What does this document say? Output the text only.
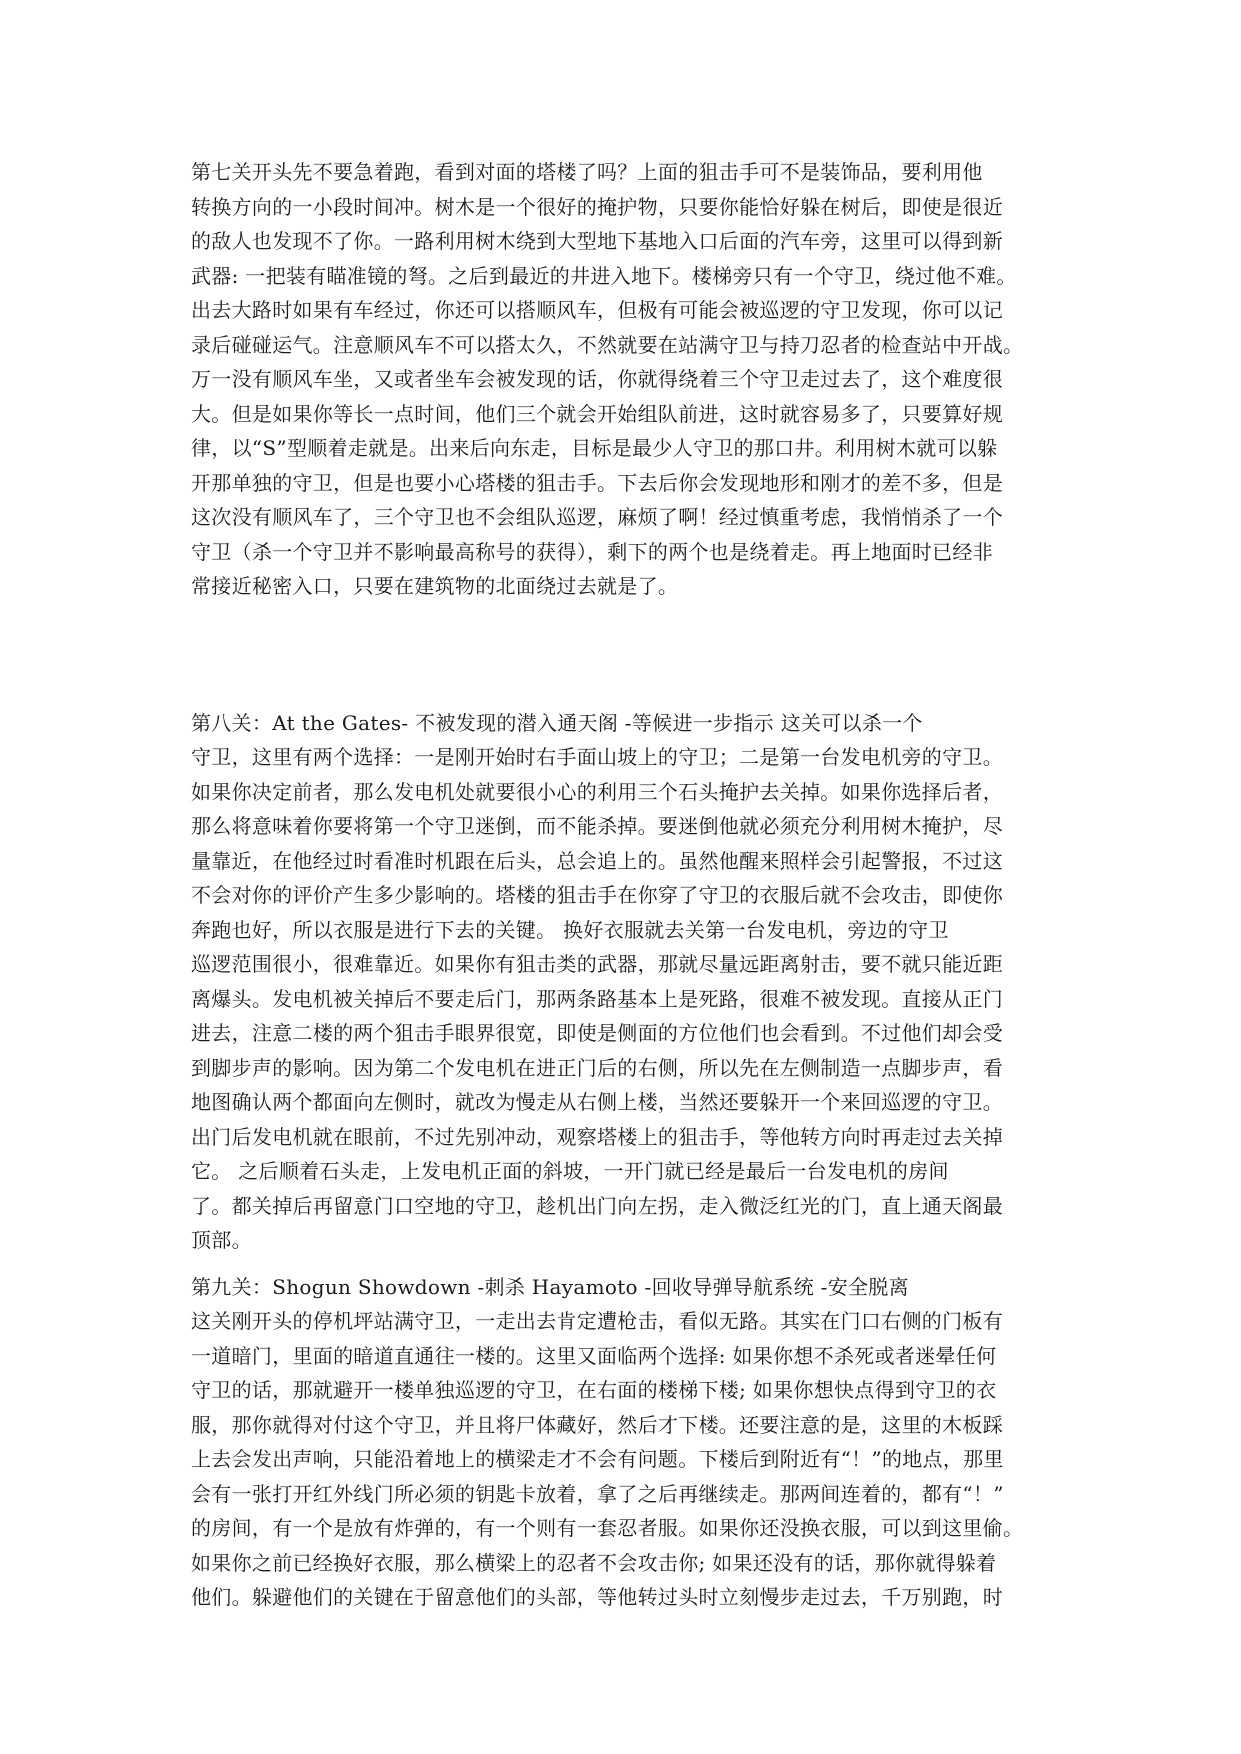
第七关开头先不要急着跑，看到对面的塔楼了吗？上面的狙击手可不是装饰品，要利用他
转换方向的一小段时间冲。树木是一个很好的掩护物，只要你能恰好躲在树后，即使是很近
的敌人也发现不了你。一路利用树木绕到大型地下基地入口后面的汽车旁，这里可以得到新
武器: 一把装有瞄准镜的弩。之后到最近的井进入地下。楼梯旁只有一个守卫，绕过他不难。
出去大路时如果有车经过，你还可以搭顺风车，但极有可能会被巡逻的守卫发现，你可以记
录后碰碰运气。注意顺风车不可以搭太久，不然就要在站满守卫与持刀忍者的检查站中开战。
万一没有顺风车坐，又或者坐车会被发现的话，你就得绕着三个守卫走过去了，这个难度很
大。但是如果你等长一点时间，他们三个就会开始组队前进，这时就容易多了，只要算好规
律，以“S”型顺着走就是。出来后向东走，目标是最少人守卫的那口井。利用树木就可以躲
开那单独的守卫，但是也要小心塔楼的狙击手。下去后你会发现地形和刚才的差不多，但是
这次没有顺风车了，三个守卫也不会组队巡逻，麻烦了啊！经过慎重考虑，我悄悄杀了一个
守卫（杀一个守卫并不影响最高称号的获得），剩下的两个也是绕着走。再上地面时已经非
常接近秘密入口，只要在建筑物的北面绕过去就是了。
第八关：At the Gates- 不被发现的潜入通天阁 -等候进一步指示 这关可以杀一个
守卫，这里有两个选择：一是刚开始时右手面山坡上的守卫；二是第一台发电机旁的守卫。
如果你决定前者，那么发电机处就要很小心的利用三个石头掩护去关掉。如果你选择后者，
那么将意味着你要将第一个守卫迷倒，而不能杀掉。要迷倒他就必须充分利用树木掩护，尽
量靠近，在他经过时看准时机跟在后头，总会追上的。虽然他醒来照样会引起警报，不过这
不会对你的评价产生多少影响的。塔楼的狙击手在你穿了守卫的衣服后就不会攻击，即使你
奔跑也好，所以衣服是进行下去的关键。 换好衣服就去关第一台发电机，旁边的守卫
巡逻范围很小，很难靠近。如果你有狙击类的武器，那就尽量远距离射击，要不就只能近距
离爆头。发电机被关掉后不要走后门，那两条路基本上是死路，很难不被发现。直接从正门
进去，注意二楼的两个狙击手眼界很宽，即使是侧面的方位他们也会看到。不过他们却会受
到脚步声的影响。因为第二个发电机在进正门后的右侧，所以先在左侧制造一点脚步声，看
地图确认两个都面向左侧时，就改为慢走从右侧上楼，当然还要躲开一个来回巡逻的守卫。
出门后发电机就在眼前，不过先别冲动，观察塔楼上的狙击手，等他转方向时再走过去关掉
它。 之后顺着石头走，上发电机正面的斜坡，一开门就已经是最后一台发电机的房间
了。都关掉后再留意门口空地的守卫，趁机出门向左拐，走入微泛红光的门，直上通天阁最
顶部。
第九关：Shogun Showdown -刺杀 Hayamoto -回收导弹导航系统 -安全脱离
这关刚开头的停机坪站满守卫，一走出去肯定遭枪击，看似无路。其实在门口右侧的门板有
一道暗门，里面的暗道直通往一楼的。这里又面临两个选择: 如果你想不杀死或者迷晕任何
守卫的话，那就避开一楼单独巡逻的守卫，在右面的楼梯下楼; 如果你想快点得到守卫的衣
服，那你就得对付这个守卫，并且将尸体藏好，然后才下楼。还要注意的是，这里的木板踩
上去会发出声响，只能沿着地上的横梁走才不会有问题。下楼后到附近有“！”的地点，那里
会有一张打开红外线门所必须的钥匙卡放着，拿了之后再继续走。那两间连着的，都有“！”
的房间，有一个是放有炸弹的，有一个则有一套忍者服。如果你还没换衣服，可以到这里偷。
如果你之前已经换好衣服，那么横梁上的忍者不会攻击你; 如果还没有的话，那你就得躲着
他们。躲避他们的关键在于留意他们的头部，等他转过头时立刻慢步走过去，千万别跑，时
